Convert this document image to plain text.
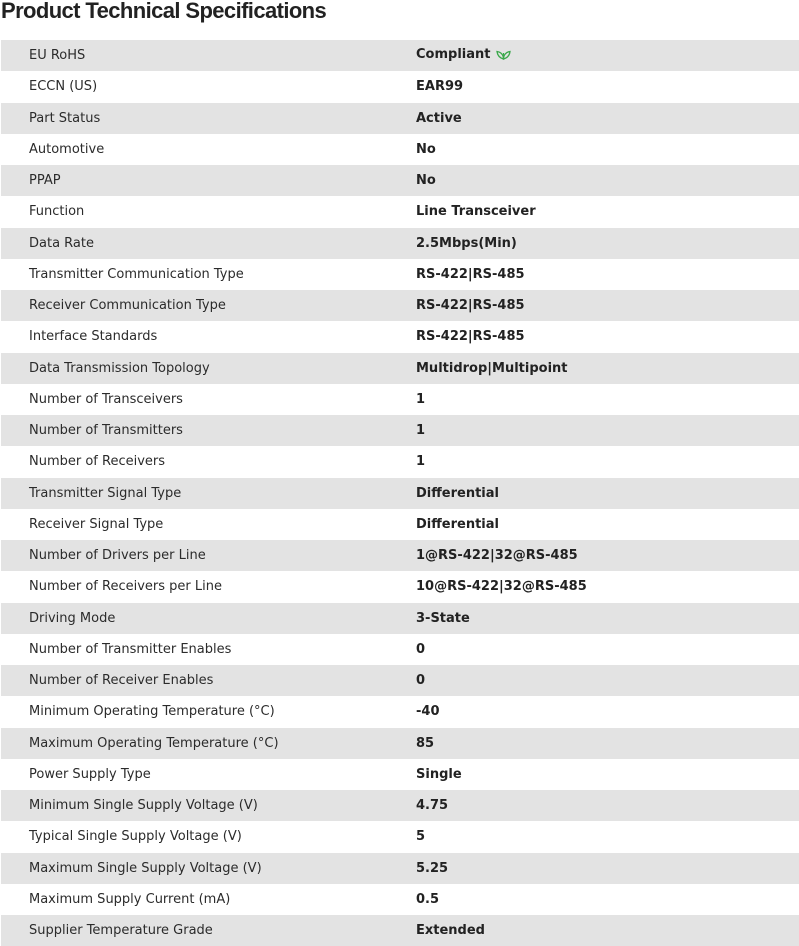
Product Technical Specifications
EU RoHS	Compliant
ECCN (US)	EAR99
Part Status	Active
Automotive	No
PPAP	No
Function	Line Transceiver
Data Rate	2.5Mbps(Min)
Transmitter Communication Type	RS-422|RS-485
Receiver Communication Type	RS-422|RS-485
Interface Standards	RS-422|RS-485
Data Transmission Topology	Multidrop|Multipoint
Number of Transceivers	1
Number of Transmitters	1
Number of Receivers	1
Transmitter Signal Type	Differential
Receiver Signal Type	Differential
Number of Drivers per Line	1@RS-422|32@RS-485
Number of Receivers per Line	10@RS-422|32@RS-485
Driving Mode	3-State
Number of Transmitter Enables	0
Number of Receiver Enables	0
Minimum Operating Temperature (°C)	-40
Maximum Operating Temperature (°C)	85
Power Supply Type	Single
Minimum Single Supply Voltage (V)	4.75
Typical Single Supply Voltage (V)	5
Maximum Single Supply Voltage (V)	5.25
Maximum Supply Current (mA)	0.5
Supplier Temperature Grade	Extended
